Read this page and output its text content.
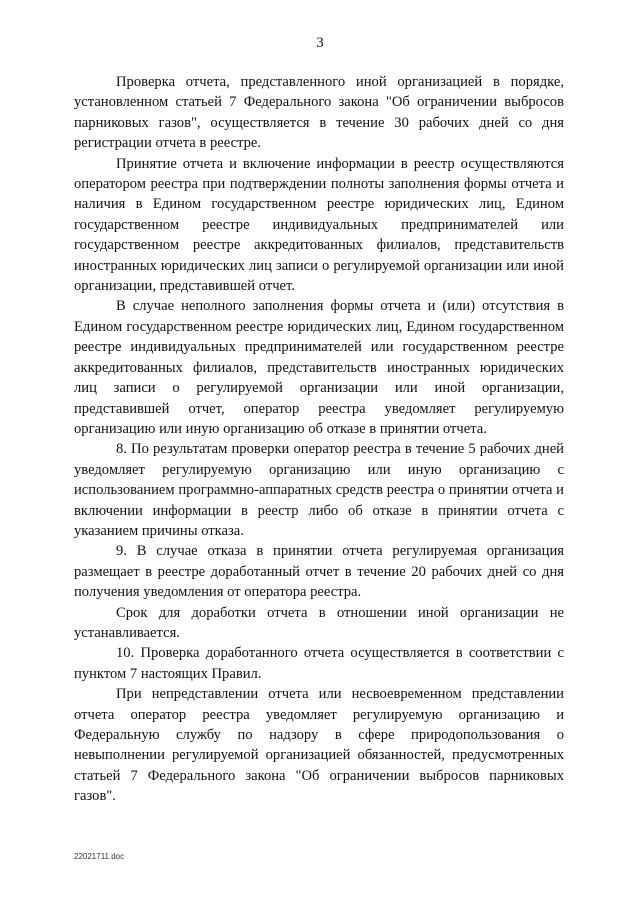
3

Проверка отчета, представленного иной организацией в порядке, установленном статьей 7 Федерального закона "Об ограничении выбросов парниковых газов", осуществляется в течение 30 рабочих дней со дня регистрации отчета в реестре.

Принятие отчета и включение информации в реестр осуществляются оператором реестра при подтверждении полноты заполнения формы отчета и наличия в Едином государственном реестре юридических лиц, Едином государственном реестре индивидуальных предпринимателей или государственном реестре аккредитованных филиалов, представительств иностранных юридических лиц записи о регулируемой организации или иной организации, представившей отчет.

В случае неполного заполнения формы отчета и (или) отсутствия в Едином государственном реестре юридических лиц, Едином государственном реестре индивидуальных предпринимателей или государственном реестре аккредитованных филиалов, представительств иностранных юридических лиц записи о регулируемой организации или иной организации, представившей отчет, оператор реестра уведомляет регулируемую организацию или иную организацию об отказе в принятии отчета.

8. По результатам проверки оператор реестра в течение 5 рабочих дней уведомляет регулируемую организацию или иную организацию с использованием программно-аппаратных средств реестра о принятии отчета и включении информации в реестр либо об отказе в принятии отчета с указанием причины отказа.

9. В случае отказа в принятии отчета регулируемая организация размещает в реестре доработанный отчет в течение 20 рабочих дней со дня получения уведомления от оператора реестра.

Срок для доработки отчета в отношении иной организации не устанавливается.

10. Проверка доработанного отчета осуществляется в соответствии с пунктом 7 настоящих Правил.

При непредставлении отчета или несвоевременном представлении отчета оператор реестра уведомляет регулируемую организацию и Федеральную службу по надзору в сфере природопользования о невыполнении регулируемой организацией обязанностей, предусмотренных статьей 7 Федерального закона "Об ограничении выбросов парниковых газов".

22021711.doc
